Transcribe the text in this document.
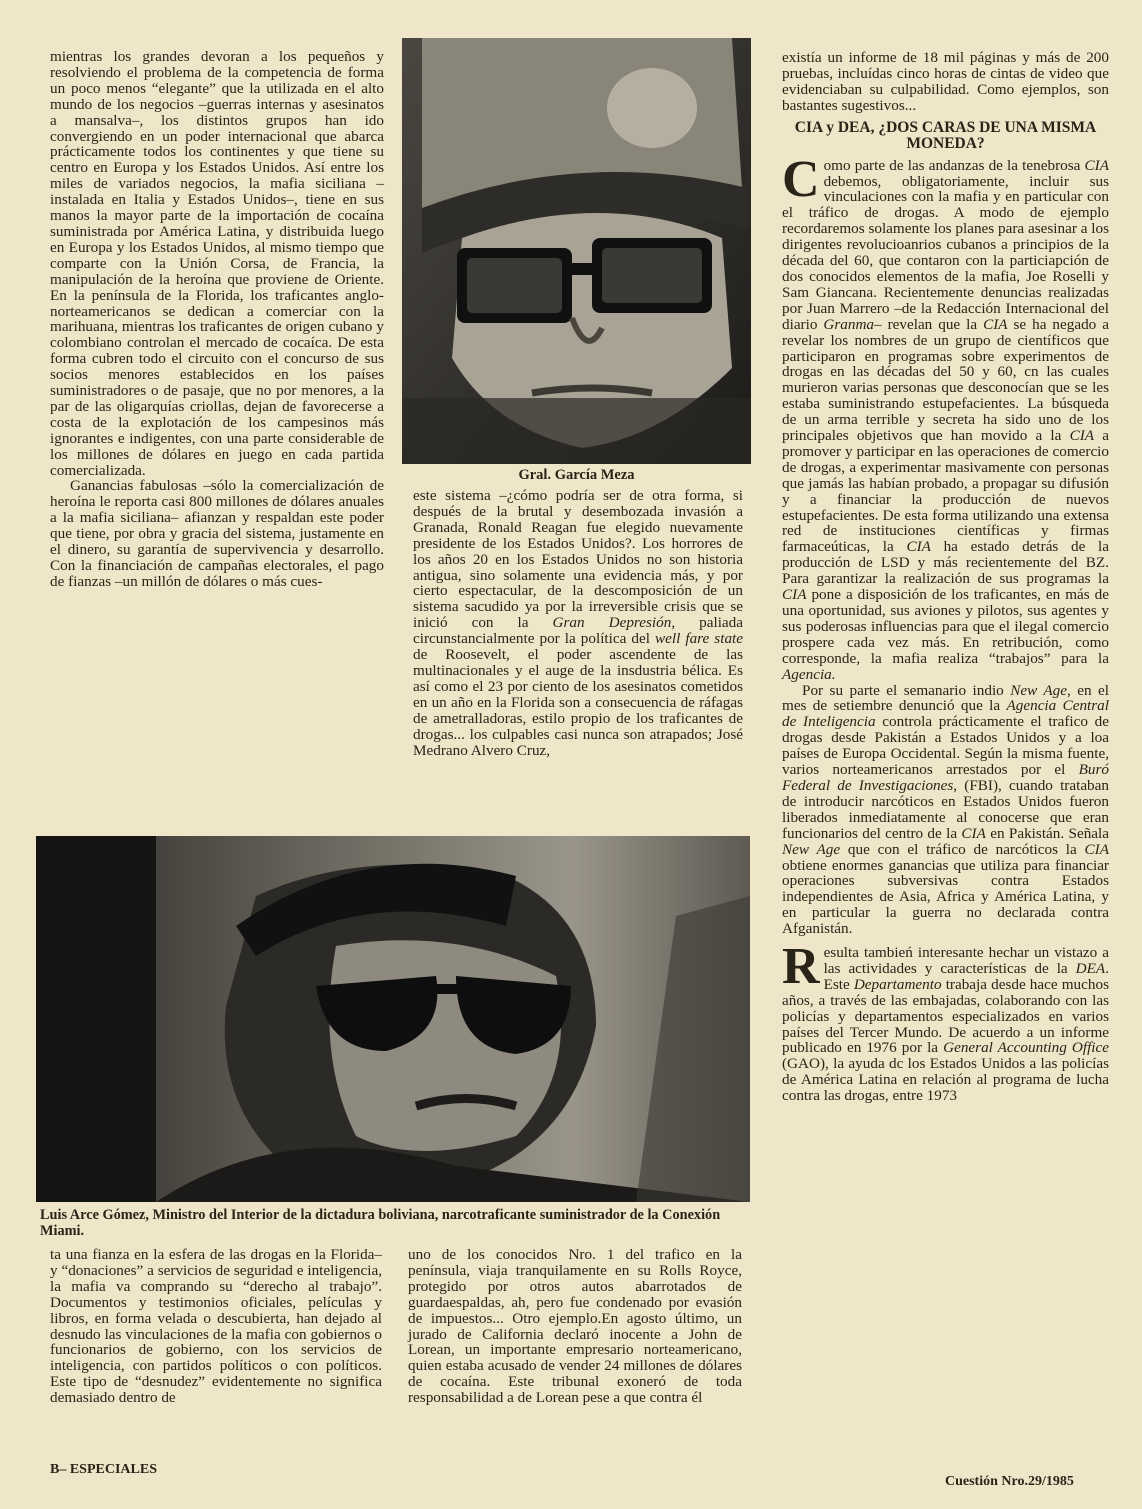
mientras los grandes devoran a los pequeños y resolviendo el problema de la competencia de forma un poco menos “elegante” que la utilizada en el alto mundo de los negocios –guerras internas y asesinatos a mansalva–, los distintos grupos han ido convergiendo en un poder internacional que abarca prácticamente todos los continentes y que tiene su centro en Europa y los Estados Unidos. Así entre los miles de variados negocios, la mafia siciliana –instalada en Italia y Estados Unidos–, tiene en sus manos la mayor parte de la importación de cocaína suministrada por América Latina, y distribuida luego en Europa y los Estados Unidos, al mismo tiempo que comparte con la Unión Corsa, de Francia, la manipulación de la heroína que proviene de Oriente. En la península de la Florida, los traficantes anglo-norteamericanos se dedican a comerciar con la marihuana, mientras los traficantes de origen cubano y colombiano controlan el mercado de cocaíca. De esta forma cubren todo el circuito con el concurso de sus socios menores establecidos en los países suministradores o de pasaje, que no por menores, a la par de las oligarquías criollas, dejan de favorecerse a costa de la explotación de los campesinos más ignorantes e indigentes, con una parte considerable de los millones de dólares en juego en cada partida comercializada.

Ganancias fabulosas –sólo la comercialización de heroína le reporta casi 800 millones de dólares anuales a la mafia siciliana– afianzan y respaldan este poder que tiene, por obra y gracia del sistema, justamente en el dinero, su garantía de supervivencia y desarrollo. Con la financiación de campañas electorales, el pago de fianzas –un millón de dólares o más cues-

Gral. García Meza

este sistema –¿cómo podría ser de otra forma, si después de la brutal y desembozada invasión a Granada, Ronald Reagan fue elegido nuevamente presidente de los Estados Unidos?. Los horrores de los años 20 en los Estados Unidos no son historia antigua, sino solamente una evidencia más, y por cierto espectacular, de la descomposición de un sistema sacudido ya por la irreversible crisis que se inició con la Gran Depresión, paliada circunstancialmente por la política del well fare state de Roosevelt, el poder ascendente de las multinacionales y el auge de la insdustria bélica. Es así como el 23 por ciento de los asesinatos cometidos en un año en la Florida son a consecuencia de ráfagas de ametralladoras, estilo propio de los traficantes de drogas... los culpables casi nunca son atrapados; José Medrano Alvero Cruz,

Luis Arce Gómez, Ministro del Interior de la dictadura boliviana, narcotraficante suministrador de la Conexión Miami.

ta una fianza en la esfera de las drogas en la Florida– y “donaciones” a servicios de seguridad e inteligencia, la mafia va comprando su “derecho al trabajo”. Documentos y testimonios oficiales, películas y libros, en forma velada o descubierta, han dejado al desnudo las vinculaciones de la mafia con gobiernos o funcionarios de gobierno, con los servicios de inteligencia, con partidos políticos o con políticos. Este tipo de “desnudez” evidentemente no significa demasiado dentro de

uno de los conocidos Nro. 1 del trafico en la península, viaja tranquilamente en su Rolls Royce, protegido por otros autos abarrotados de guardaespaldas, ah, pero fue condenado por evasión de impuestos... Otro ejemplo.En agosto último, un jurado de California declaró inocente a John de Lorean, un importante empresario norteamericano, quien estaba acusado de vender 24 millones de dólares de cocaína. Este tribunal exoneró de toda responsabilidad a de Lorean pese a que contra él

existía un informe de 18 mil páginas y más de 200 pruebas, incluídas cinco horas de cintas de video que evidenciaban su culpabilidad. Como ejemplos, son bastantes sugestivos...

CIA y DEA, ¿DOS CARAS DE UNA MISMA MONEDA?

Como parte de las andanzas de la tenebrosa CIA debemos, obligatoriamente, incluir sus vinculaciones con la mafia y en particular con el tráfico de drogas. A modo de ejemplo recordaremos solamente los planes para asesinar a los dirigentes revolucioanrios cubanos a principios de la década del 60, que contaron con la particiapción de dos conocidos elementos de la mafia, Joe Roselli y Sam Giancana. Recientemente denuncias realizadas por Juan Marrero –de la Redacción Internacional del diario Granma– revelan que la CIA se ha negado a revelar los nombres de un grupo de científicos que participaron en programas sobre experimentos de drogas en las décadas del 50 y 60, cn las cuales murieron varias personas que desconocían que se les estaba suministrando estupefacientes. La búsqueda de un arma terrible y secreta ha sido uno de los principales objetivos que han movido a la CIA a promover y participar en las operaciones de comercio de drogas, a experimentar masivamente con personas que jamás las habían probado, a propagar su difusión y a financiar la producción de nuevos estupefacientes. De esta forma utilizando una extensa red de instituciones científicas y firmas farmaceúticas, la CIA ha estado detrás de la producción de LSD y más recientemente del BZ. Para garantizar la realización de sus programas la CIA pone a disposición de los traficantes, en más de una oportunidad, sus aviones y pilotos, sus agentes y sus poderosas influencias para que el ilegal comercio prospere cada vez más. En retribución, como corresponde, la mafia realiza “trabajos” para la Agencia.

Por su parte el semanario indio New Age, en el mes de setiembre denunció que la Agencia Central de Inteligencia controla prácticamente el trafico de drogas desde Pakistán a Estados Unidos y a loa países de Europa Occidental. Según la misma fuente, varios norteamericanos arrestados por el Buró Federal de Investigaciones, (FBI), cuando trataban de introducir narcóticos en Estados Unidos fueron liberados inmediatamente al conocerse que eran funcionarios del centro de la CIA en Pakistán. Señala New Age que con el tráfico de narcóticos la CIA obtiene enormes ganancias que utiliza para financiar operaciones subversivas contra Estados independientes de Asia, Africa y América Latina, y en particular la guerra no declarada contra Afganistán.

Resulta tambień interesante hechar un vistazo a las actividades y características de la DEA. Este Departamento trabaja desde hace muchos años, a través de las embajadas, colaborando con las policías y departamentos especializados en varios países del Tercer Mundo. De acuerdo a un informe publicado en 1976 por la General Accounting Office (GAO), la ayuda dc los Estados Unidos a las policías de América Latina en relación al programa de lucha contra las drogas, entre 1973

B– ESPECIALES
Cuestión Nro.29/1985
